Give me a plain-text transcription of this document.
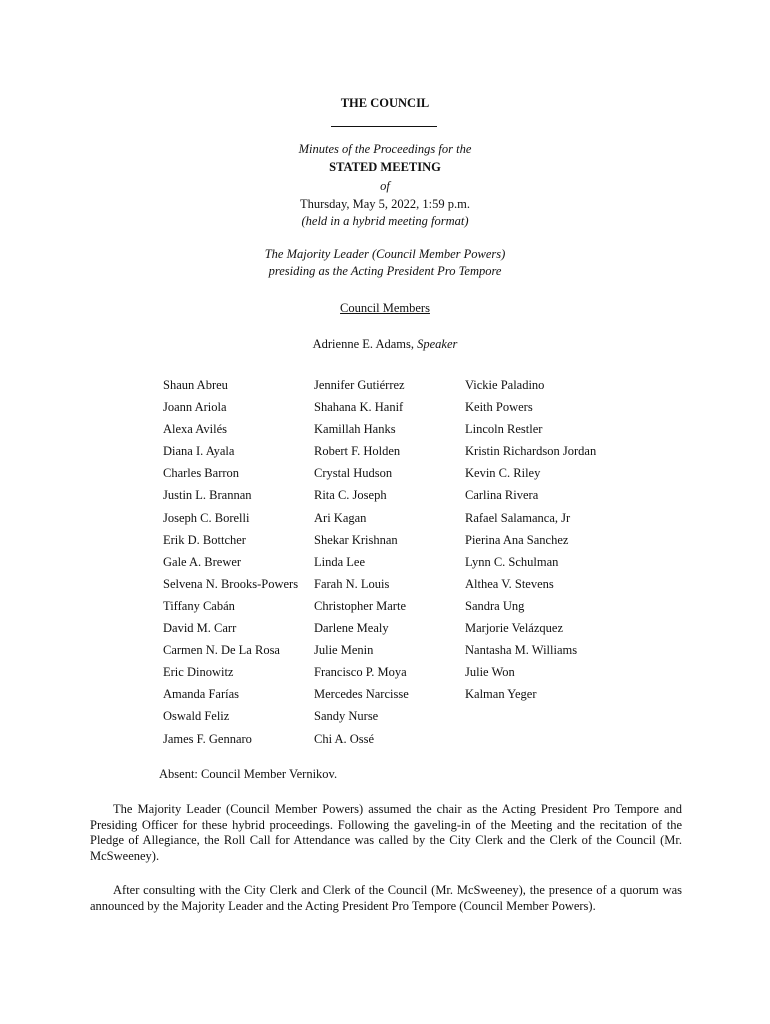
THE COUNCIL
Minutes of the Proceedings for the
STATED MEETING
of
Thursday, May 5, 2022, 1:59 p.m.
(held in a hybrid meeting format)
The Majority Leader (Council Member Powers)
presiding as the Acting President Pro Tempore
Council Members
Adrienne E. Adams, Speaker
Shaun Abreu
Joann Ariola
Alexa Avilés
Diana I. Ayala
Charles Barron
Justin L. Brannan
Joseph C. Borelli
Erik D. Bottcher
Gale A. Brewer
Selvena N. Brooks-Powers
Tiffany Cabán
David M. Carr
Carmen N. De La Rosa
Eric Dinowitz
Amanda Farías
Oswald Feliz
James F. Gennaro
Jennifer Gutiérrez
Shahana K. Hanif
Kamillah Hanks
Robert F. Holden
Crystal Hudson
Rita C. Joseph
Ari Kagan
Shekar Krishnan
Linda Lee
Farah N. Louis
Christopher Marte
Darlene Mealy
Julie Menin
Francisco P. Moya
Mercedes Narcisse
Sandy Nurse
Chi A. Ossé
Vickie Paladino
Keith Powers
Lincoln Restler
Kristin Richardson Jordan
Kevin C. Riley
Carlina Rivera
Rafael Salamanca, Jr
Pierina Ana Sanchez
Lynn C. Schulman
Althea V. Stevens
Sandra Ung
Marjorie Velázquez
Nantasha M. Williams
Julie Won
Kalman Yeger
Absent: Council Member Vernikov.

The Majority Leader (Council Member Powers) assumed the chair as the Acting President Pro Tempore and Presiding Officer for these hybrid proceedings. Following the gaveling-in of the Meeting and the recitation of the Pledge of Allegiance, the Roll Call for Attendance was called by the City Clerk and the Clerk of the Council (Mr. McSweeney).

After consulting with the City Clerk and Clerk of the Council (Mr. McSweeney), the presence of a quorum was announced by the Majority Leader and the Acting President Pro Tempore (Council Member Powers).
